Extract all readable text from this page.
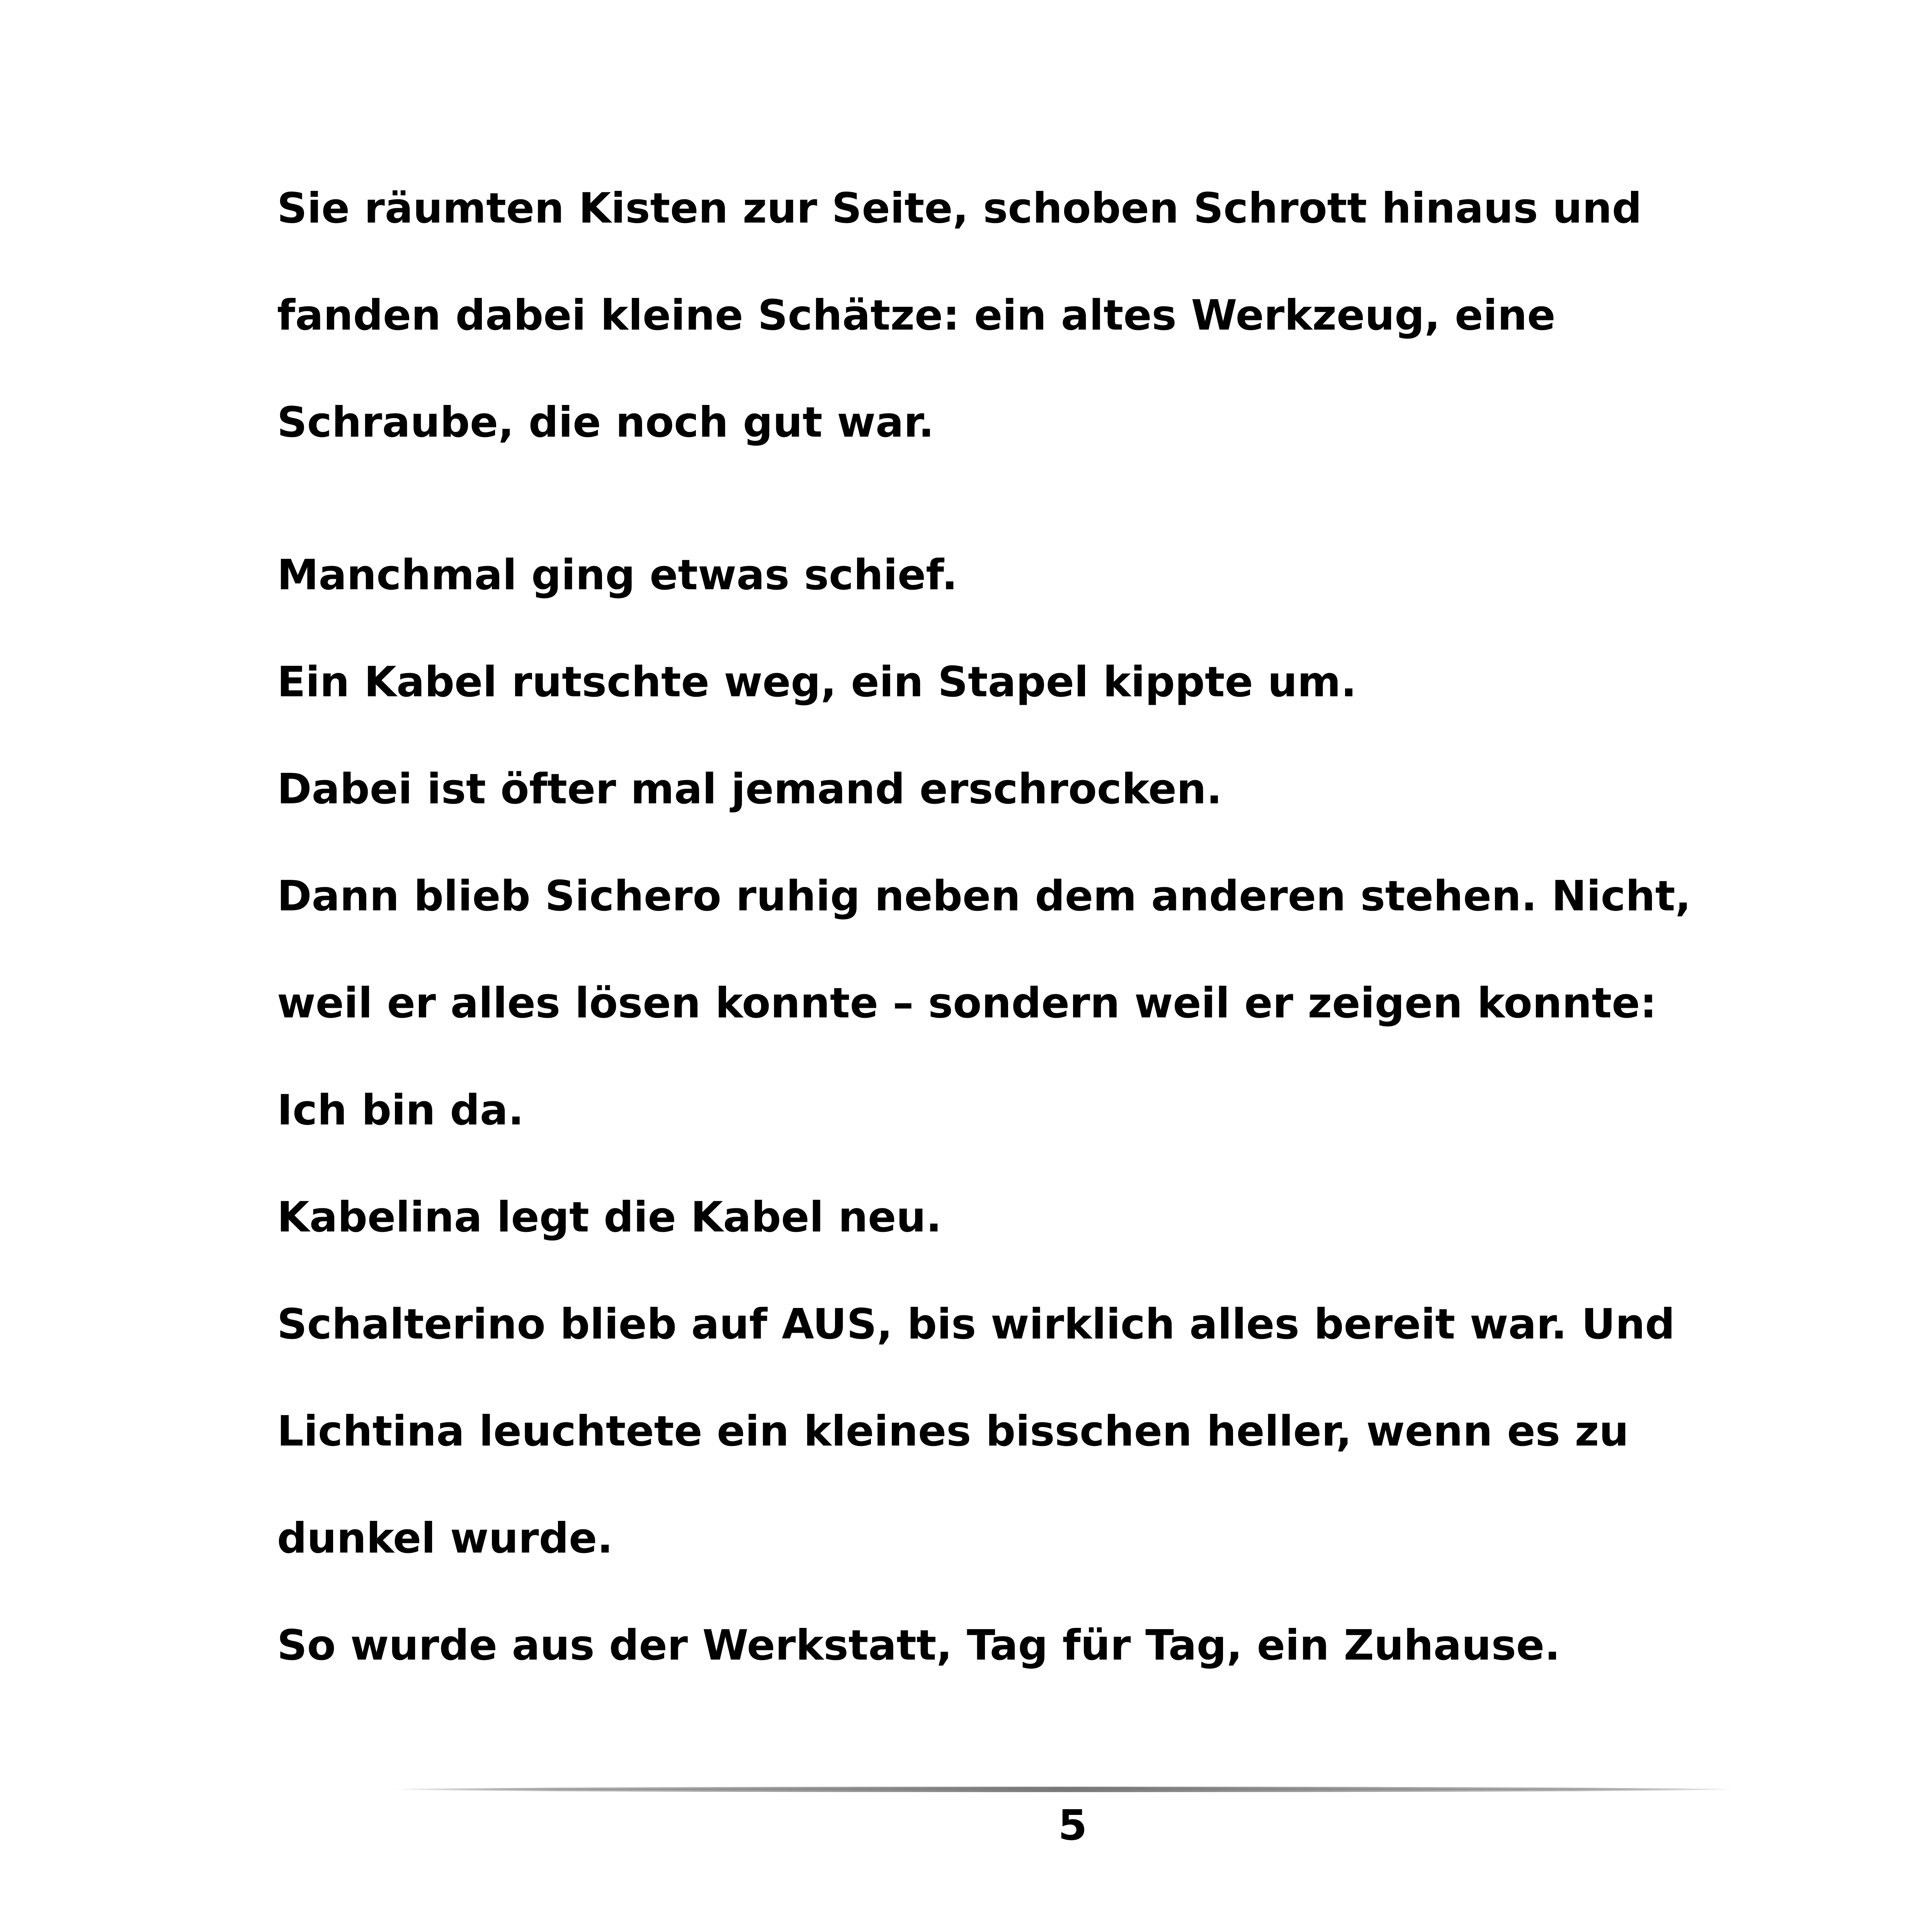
Sie räumten Kisten zur Seite, schoben Schrott hinaus und
fanden dabei kleine Schätze: ein altes Werkzeug, eine
Schraube, die noch gut war.
Manchmal ging etwas schief.
Ein Kabel rutschte weg, ein Stapel kippte um.
Dabei ist öfter mal jemand erschrocken.
Dann blieb Sichero ruhig neben dem anderen stehen. Nicht,
weil er alles lösen konnte – sondern weil er zeigen konnte:
Ich bin da.
Kabelina legt die Kabel neu.
Schalterino blieb auf AUS, bis wirklich alles bereit war. Und
Lichtina leuchtete ein kleines bisschen heller, wenn es zu
dunkel wurde.
So wurde aus der Werkstatt, Tag für Tag, ein Zuhause.
5
